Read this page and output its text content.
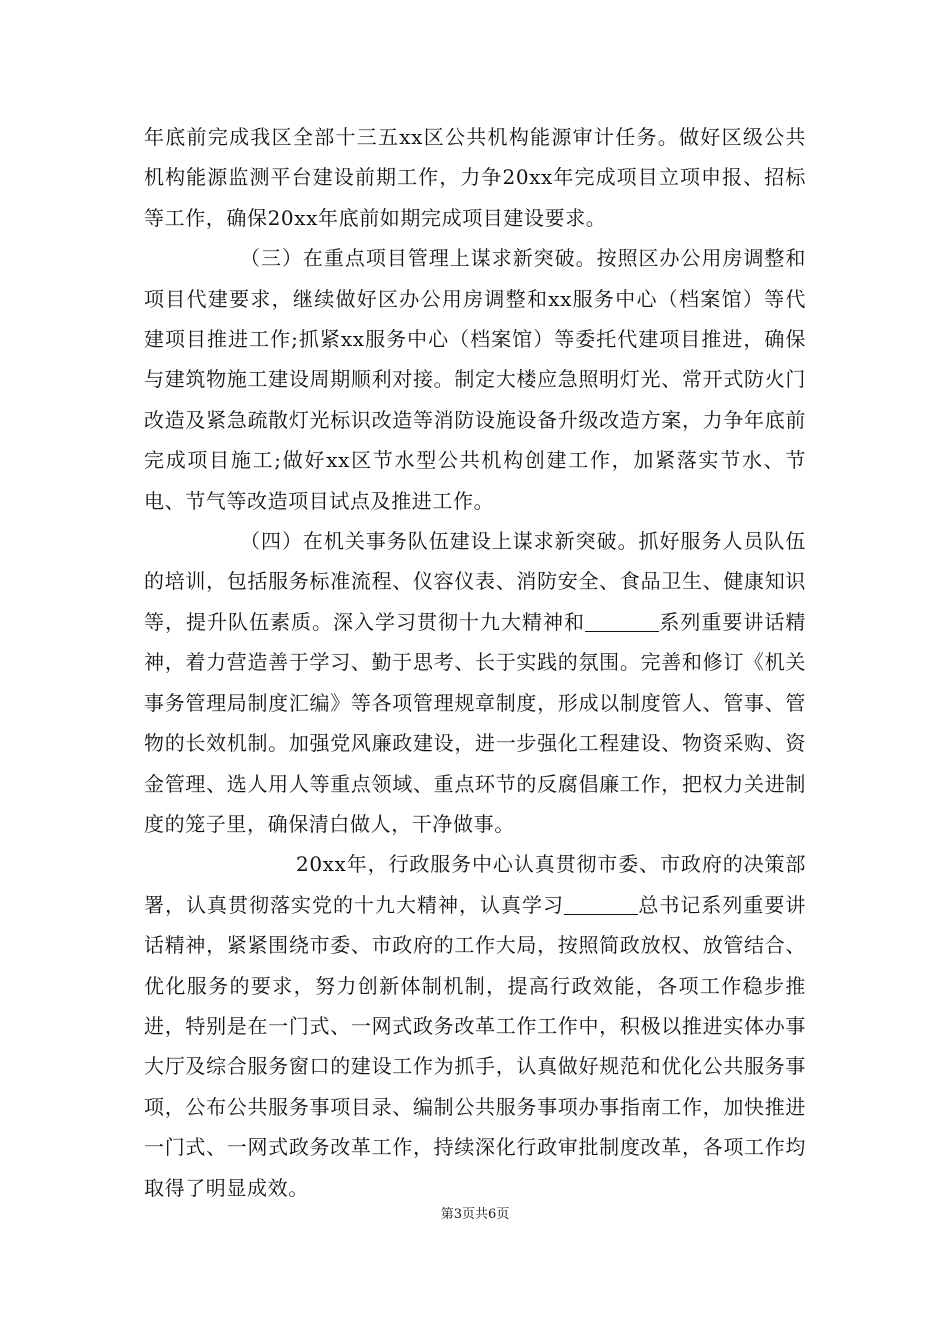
年底前完成我区全部十三五xx区公共机构能源审计任务。做好区级公共机构能源监测平台建设前期工作，力争20xx年完成项目立项申报、招标等工作，确保20xx年底前如期完成项目建设要求。

（三）在重点项目管理上谋求新突破。按照区办公用房调整和项目代建要求，继续做好区办公用房调整和xx服务中心（档案馆）等代建项目推进工作;抓紧xx服务中心（档案馆）等委托代建项目推进，确保与建筑物施工建设周期顺利对接。制定大楼应急照明灯光、常开式防火门改造及紧急疏散灯光标识改造等消防设施设备升级改造方案，力争年底前完成项目施工;做好xx区节水型公共机构创建工作，加紧落实节水、节电、节气等改造项目试点及推进工作。

（四）在机关事务队伍建设上谋求新突破。抓好服务人员队伍的培训，包括服务标准流程、仪容仪表、消防安全、食品卫生、健康知识等，提升队伍素质。深入学习贯彻十九大精神和	系列重要讲话精神，着力营造善于学习、勤于思考、长于实践的氛围。完善和修订《机关事务管理局制度汇编》等各项管理规章制度，形成以制度管人、管事、管物的长效机制。加强党风廉政建设，进一步强化工程建设、物资采购、资金管理、选人用人等重点领域、重点环节的反腐倡廉工作，把权力关进制度的笼子里，确保清白做人，干净做事。

20xx年，行政服务中心认真贯彻市委、市政府的决策部署，认真贯彻落实党的十九大精神，认真学习	总书记系列重要讲话精神，紧紧围绕市委、市政府的工作大局，按照简政放权、放管结合、优化服务的要求，努力创新体制机制，提高行政效能，各项工作稳步推进，特别是在一门式、一网式政务改革工作工作中，积极以推进实体办事大厅及综合服务窗口的建设工作为抓手，认真做好规范和优化公共服务事项，公布公共服务事项目录、编制公共服务事项办事指南工作，加快推进一门式、一网式政务改革工作，持续深化行政审批制度改革，各项工作均取得了明显成效。

第3页共6页
